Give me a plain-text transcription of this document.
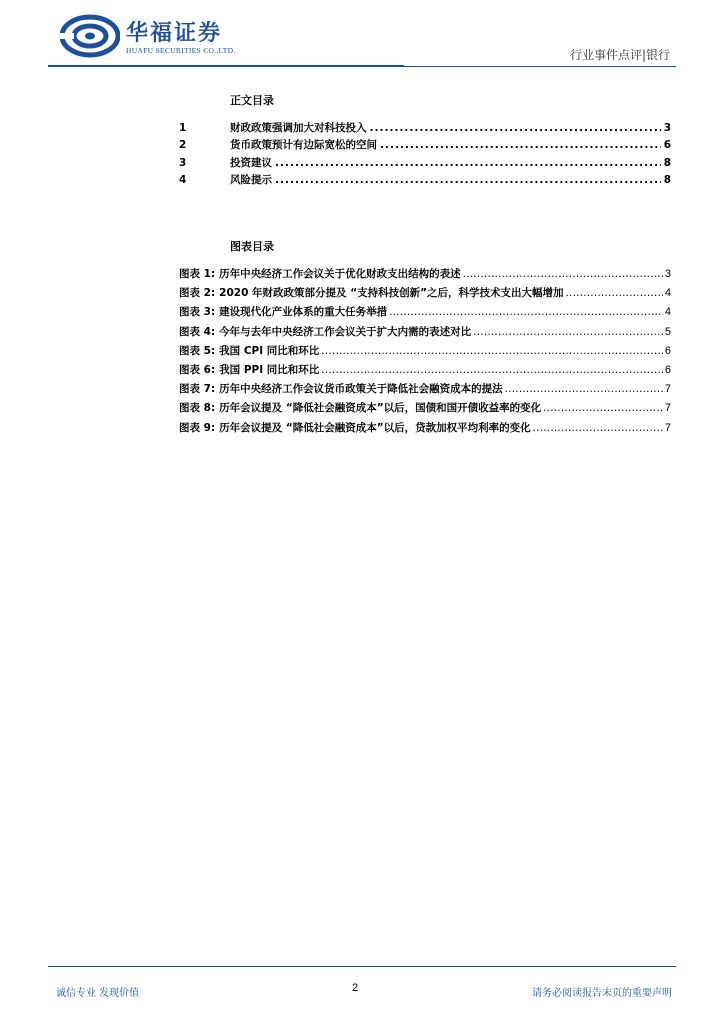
华福证券
HUAFU SECURITIES CO.,LTD.	行业事件点评|银行
正文目录
1	财政政策强调加大对科技投入 .....	3
2	货币政策预计有边际宽松的空间 .....	6
3	投资建议 .....	8
4	风险提示 .....	8
图表目录
图表 1: 历年中央经济工作会议关于优化财政支出结构的表述 .....	3
图表 2: 2020 年财政政策部分提及 “支持科技创新”之后，科学技术支出大幅增加 .....	4
图表 3: 建设现代化产业体系的重大任务举措 .....	4
图表 4: 今年与去年中央经济工作会议关于扩大内需的表述对比 .....	5
图表 5: 我国 CPI 同比和环比 .....	6
图表 6: 我国 PPI 同比和环比 .....	6
图表 7: 历年中央经济工作会议货币政策关于降低社会融资成本的提法 .....	7
图表 8: 历年会议提及 “降低社会融资成本”以后，国债和国开债收益率的变化 .....	7
图表 9: 历年会议提及 “降低社会融资成本”以后，贷款加权平均利率的变化 .....	7
诚信专业 发现价值	2	请务必阅读报告末页的重要声明
